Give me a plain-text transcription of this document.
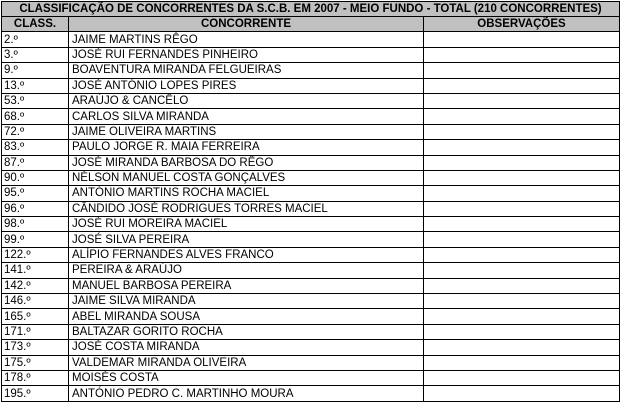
CLASSIFICAÇÃO DE CONCORRENTES DA S.C.B. EM 2007 - MEIO FUNDO - TOTAL (210 CONCORRENTES)		
CLASS.	CONCORRENTE	OBSERVAÇÕES
2.º	JAIME MARTINS RÊGO	
3.º	JOSÉ RUI FERNANDES PINHEIRO	
9.º	BOAVENTURA MIRANDA FELGUEIRAS	
13.º	JOSÉ ANTÓNIO LOPES PIRES	
53.º	ARAÚJO & CANCÊLO	
68.º	CARLOS SILVA MIRANDA	
72.º	JAIME OLIVEIRA MARTINS	
83.º	PAULO JORGE R. MAIA FERREIRA	
87.º	JOSÉ MIRANDA BARBOSA DO RÊGO	
90.º	NÉLSON MANUEL COSTA GONÇALVES	
95.º	ANTÓNIO MARTINS ROCHA MACIEL	
96.º	CÂNDIDO JOSÉ RODRIGUES TORRES MACIEL	
98.º	JOSÉ RUI MOREIRA MACIEL	
99.º	JOSÉ SILVA PEREIRA	
122.º	ALÍPIO FERNANDES ALVES FRANCO	
141.º	PEREIRA & ARAÚJO	
142.º	MANUEL BARBOSA PEREIRA	
146.º	JAIME SILVA MIRANDA	
165.º	ABEL MIRANDA SOUSA	
171.º	BALTAZAR GORITO ROCHA	
173.º	JOSÉ COSTA MIRANDA	
175.º	VALDEMAR MIRANDA OLIVEIRA	
178.º	MOISÉS COSTA	
195.º	ANTÓNIO PEDRO C. MARTINHO MOURA	
